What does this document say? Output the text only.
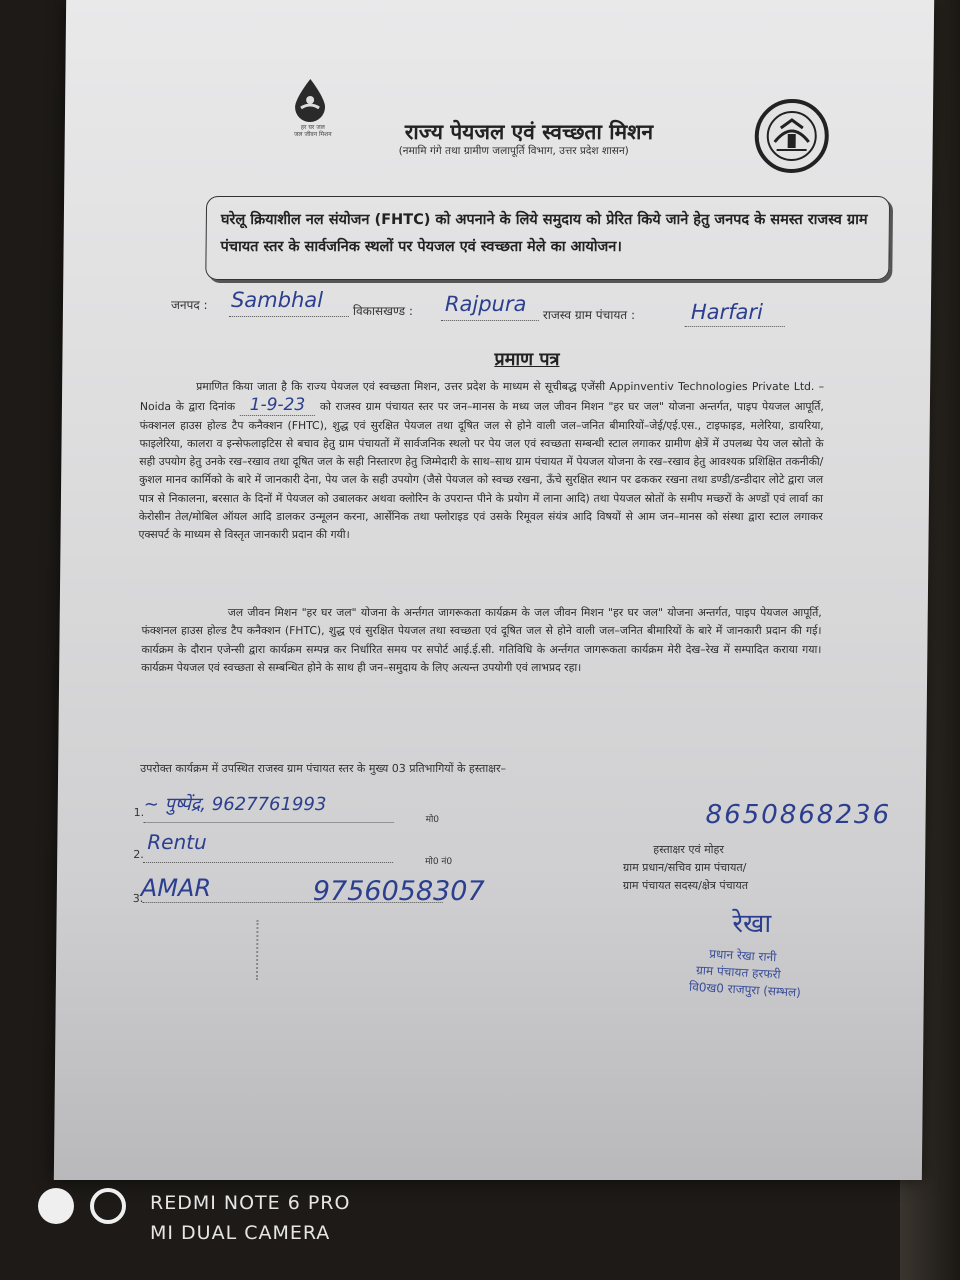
हर घर जल
जल जीवन मिशन	राज्य पेयजल एवं स्वच्छता मिशन
(नमामि गंगे तथा ग्रामीण जलापूर्ति विभाग, उत्तर प्रदेश शासन)
घरेलू क्रियाशील नल संयोजन (FHTC) को अपनाने के लिये समुदाय को प्रेरित किये जाने हेतु जनपद के समस्त राजस्व ग्राम पंचायत स्तर के सार्वजनिक स्थलों पर पेयजल एवं स्वच्छता मेले का आयोजन।
जनपद : Sambhal विकासखण्ड : Rajpura राजस्व ग्राम पंचायत :	Harfari
प्रमाण पत्र
प्रमाणित किया जाता है कि राज्य पेयजल एवं स्वच्छता मिशन, उत्तर प्रदेश के माध्यम से सूचीबद्ध एजेंसी Appinventiv Technologies Private Ltd. – Noida के द्वारा दिनांक 1-9-23 को राजस्व ग्राम पंचायत स्तर पर जन–मानस के मध्य जल जीवन मिशन "हर घर जल" योजना अन्तर्गत, पाइप पेयजल आपूर्ति, फंक्शनल हाउस होल्ड टैप कनैक्शन (FHTC), शुद्ध एवं सुरक्षित पेयजल तथा दूषित जल से होने वाली जल–जनित बीमारियों–जेई/एई.एस., टाइफाइड, मलेरिया, डायरिया, फाइलेरिया, कालरा व इन्सेफलाइटिस से बचाव हेतु ग्राम पंचायतों में सार्वजनिक स्थलो पर पेय जल एवं स्वच्छता सम्बन्धी स्टाल लगाकर ग्रामीण क्षेत्रें में उपलब्ध पेय जल स्रोतो के सही उपयोग हेतु उनके रख–रखाव तथा दूषित जल के सही निस्तारण हेतु जिम्मेदारी के साथ–साथ ग्राम पंचायत में पेयजल योजना के रख–रखाव हेतु आवश्यक प्रशिक्षित तकनीकी/कुशल मानव कार्मिको के बारे में जानकारी देना, पेय जल के सही उपयोग (जैसे पेयजल को स्वच्छ रखना, ऊँचे सुरक्षित स्थान पर ढककर रखना तथा डण्डी/डन्डीदार लोटे द्वारा जल पात्र से निकालना, बरसात के दिनों में पेयजल को उबालकर अथवा क्लोरिन के उपरान्त पीने के प्रयोग में लाना आदि) तथा पेयजल स्रोतों के समीप मच्छरों के अण्डों एवं लार्वा का केरोसीन तेल/मोबिल ऑयल आदि डालकर उन्मूलन करना, आर्सेनिक तथा फ्लोराइड एवं उसके रिमूवल संयंत्र आदि विषयों से आम जन–मानस को संस्था द्वारा स्टाल लगाकर एक्सपर्ट के माध्यम से विस्तृत जानकारी प्रदान की गयी।
जल जीवन मिशन "हर घर जल" योजना के अर्न्तगत जागरूकता कार्यक्रम के जल जीवन मिशन "हर घर जल" योजना अन्तर्गत, पाइप पेयजल आपूर्ति, फंक्शनल हाउस होल्ड टैप कनैक्शन (FHTC), शुद्ध एवं सुरक्षित पेयजल तथा स्वच्छता एवं दूषित जल से होने वाली जल–जनित बीमारियों के बारे में जानकारी प्रदान की गई। कार्यक्रम के दौरान एजेन्सी द्वारा कार्यक्रम सम्पन्न कर निर्धारित समय पर सपोर्ट आई.ई.सी. गतिविधि के अर्न्तगत जागरूकता कार्यक्रम मेरी देख–रेख में सम्पादित कराया गया। कार्यक्रम पेयजल एवं स्वच्छता से सम्बन्धित होने के साथ ही जन–समुदाय के लिए अत्यन्त उपयोगी एवं लाभप्रद रहा।
उपरोक्त कार्यक्रम में उपस्थित राजस्व ग्राम पंचायत स्तर के मुख्य 03 प्रतिभागियों के हस्ताक्षर–
1. ~ पुष्पेंद्र, 9627761993
मो0
2.
Rentu
मो0 नं0
3.
AMAR	9756058307
8650868236
हस्ताक्षर एवं मोहर
ग्राम प्रधान/सचिव ग्राम पंचायत/
ग्राम पंचायत सदस्य/क्षेत्र पंचायत
रेखा
प्रधान रेखा रानी
ग्राम पंचायत हरफरी
वि0ख0 राजपुरा (सम्भल)
REDMI NOTE 6 PRO
MI DUAL CAMERA
